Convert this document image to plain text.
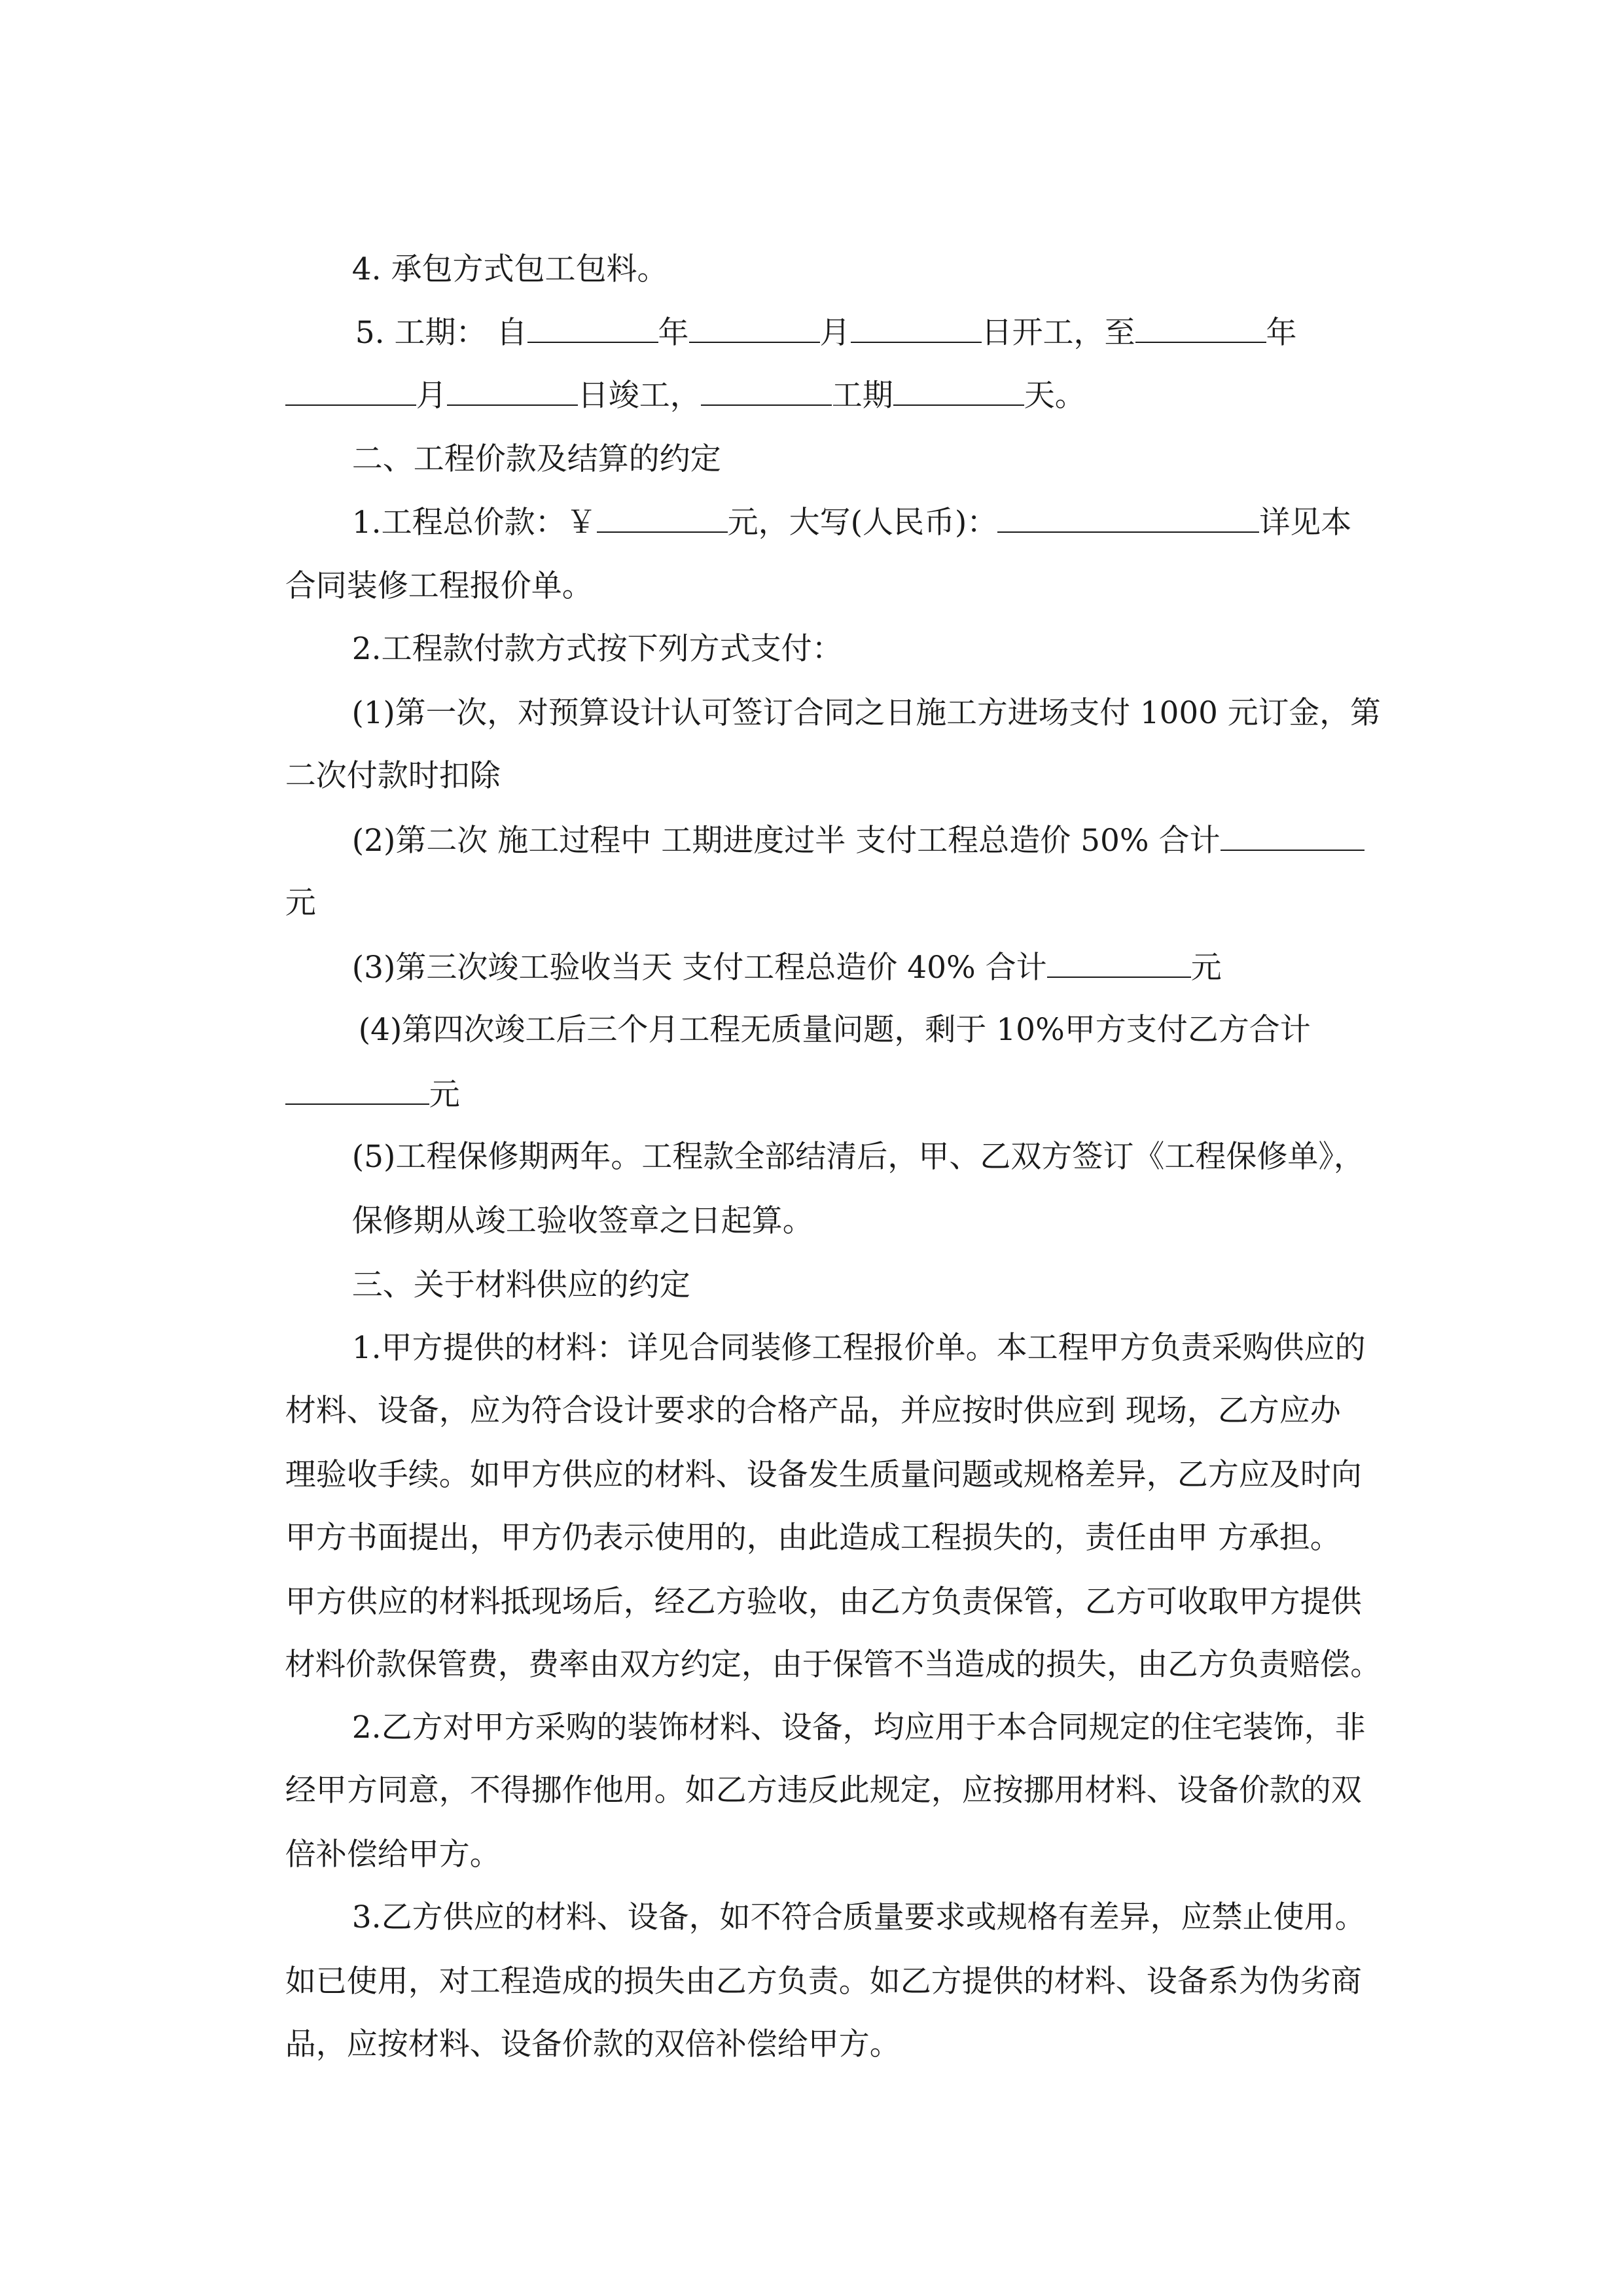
4. 承包方式包工包料。

5. 工期： 自	年	月	日开工，至	年

月	日竣工，	工期	天。

二、工程价款及结算的约定

1.工程总价款：￥	元，大写(人民币)：	详见本

合同装修工程报价单。

2.工程款付款方式按下列方式支付：

(1)第一次，对预算设计认可签订合同之日施工方进场支付 1000 元订金，第

二次付款时扣除

(2)第二次 施工过程中 工期进度过半 支付工程总造价 50% 合计

元

(3)第三次竣工验收当天 支付工程总造价 40% 合计	元

(4)第四次竣工后三个月工程无质量问题，剩于 10%甲方支付乙方合计

元

(5)工程保修期两年。工程款全部结清后，甲、乙双方签订《工程保修单》，

保修期从竣工验收签章之日起算。

三、关于材料供应的约定

1.甲方提供的材料：详见合同装修工程报价单。本工程甲方负责采购供应的

材料、设备，应为符合设计要求的合格产品，并应按时供应到 现场，乙方应办

理验收手续。如甲方供应的材料、设备发生质量问题或规格差异，乙方应及时向

甲方书面提出，甲方仍表示使用的，由此造成工程损失的，责任由甲 方承担。

甲方供应的材料抵现场后，经乙方验收，由乙方负责保管，乙方可收取甲方提供

材料价款保管费，费率由双方约定，由于保管不当造成的损失，由乙方负责赔偿。

2.乙方对甲方采购的装饰材料、设备，均应用于本合同规定的住宅装饰，非

经甲方同意，不得挪作他用。如乙方违反此规定，应按挪用材料、设备价款的双

倍补偿给甲方。

3.乙方供应的材料、设备，如不符合质量要求或规格有差异，应禁止使用。

如已使用，对工程造成的损失由乙方负责。如乙方提供的材料、设备系为伪劣商

品，应按材料、设备价款的双倍补偿给甲方。
